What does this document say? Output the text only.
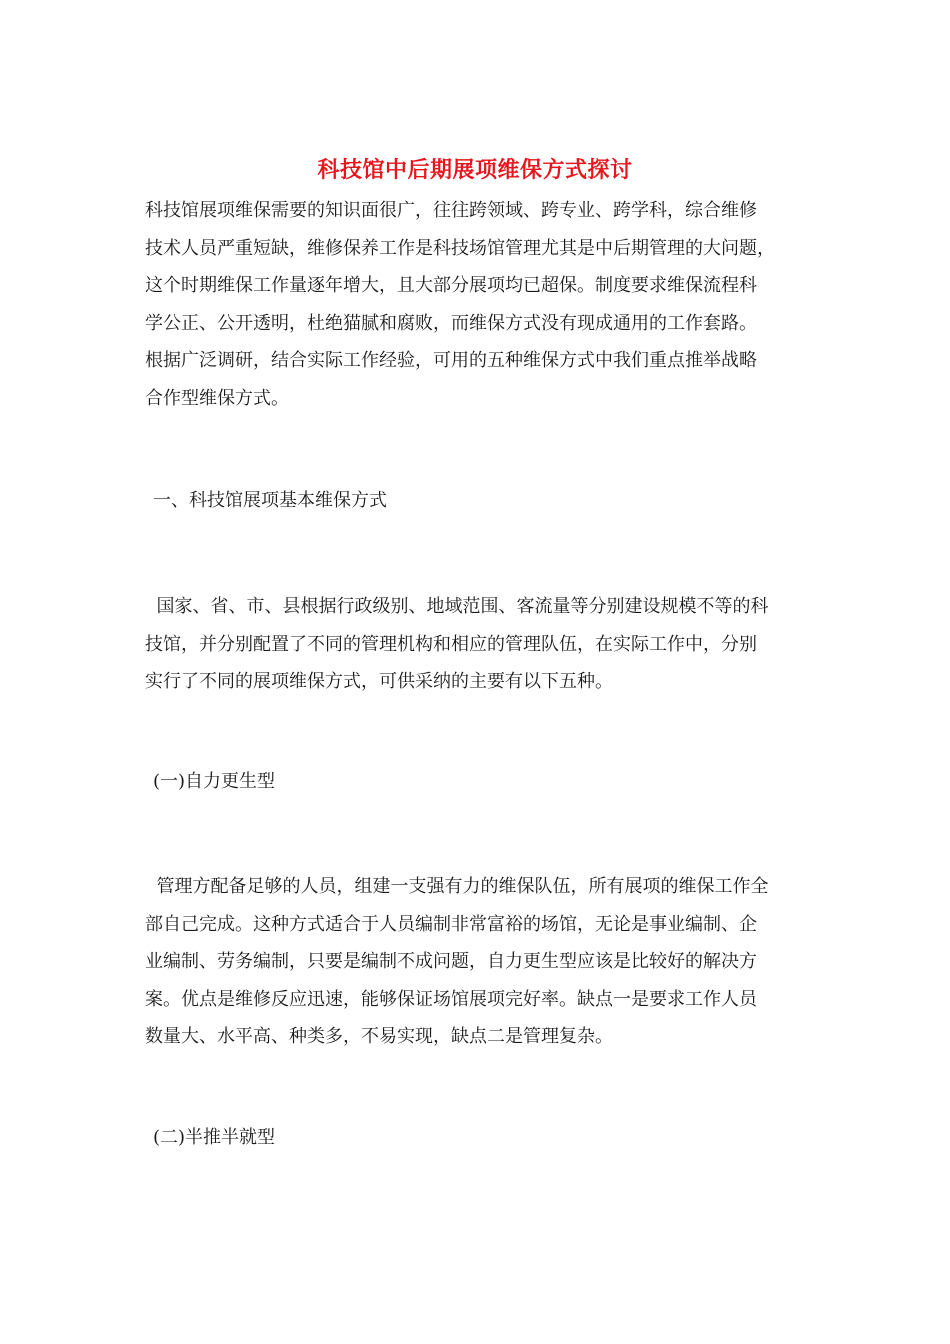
科技馆中后期展项维保方式探讨
科技馆展项维保需要的知识面很广，往往跨领域、跨专业、跨学科，综合维修
技术人员严重短缺，维修保养工作是科技场馆管理尤其是中后期管理的大问题，
这个时期维保工作量逐年增大，且大部分展项均已超保。制度要求维保流程科
学公正、公开透明，杜绝猫腻和腐败，而维保方式没有现成通用的工作套路。
根据广泛调研，结合实际工作经验，可用的五种维保方式中我们重点推举战略
合作型维保方式。
一、科技馆展项基本维保方式
国家、省、市、县根据行政级别、地域范围、客流量等分别建设规模不等的科
技馆，并分别配置了不同的管理机构和相应的管理队伍，在实际工作中，分别
实行了不同的展项维保方式，可供采纳的主要有以下五种。
(一)自力更生型
管理方配备足够的人员，组建一支强有力的维保队伍，所有展项的维保工作全
部自己完成。这种方式适合于人员编制非常富裕的场馆，无论是事业编制、企
业编制、劳务编制，只要是编制不成问题，自力更生型应该是比较好的解决方
案。优点是维修反应迅速，能够保证场馆展项完好率。缺点一是要求工作人员
数量大、水平高、种类多，不易实现，缺点二是管理复杂。
(二)半推半就型
